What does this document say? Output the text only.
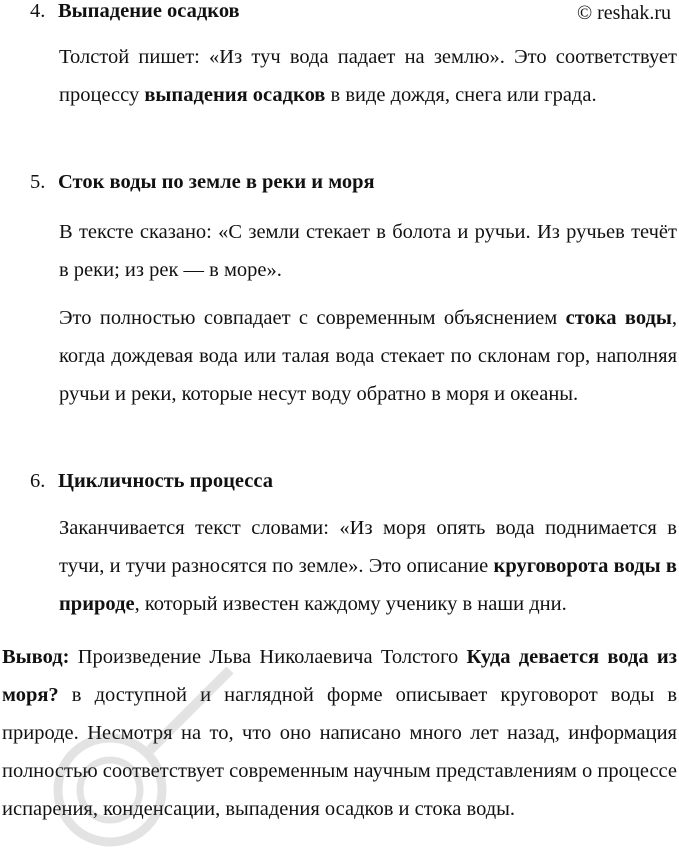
© reshak.ru
4. Выпадение осадков
Толстой пишет: «Из туч вода падает на землю». Это соответствует процессу выпадения осадков в виде дождя, снега или града.
5. Сток воды по земле в реки и моря
В тексте сказано: «С земли стекает в болота и ручьи. Из ручьев течёт в реки; из рек — в море».
Это полностью совпадает с современным объяснением стока воды, когда дождевая вода или талая вода стекает по склонам гор, наполняя ручьи и реки, которые несут воду обратно в моря и океаны.
6. Цикличность процесса
Заканчивается текст словами: «Из моря опять вода поднимается в тучи, и тучи разносятся по земле». Это описание круговорота воды в природе, который известен каждому ученику в наши дни.
Вывод: Произведение Льва Николаевича Толстого Куда девается вода из моря? в доступной и наглядной форме описывает круговорот воды в природе. Несмотря на то, что оно написано много лет назад, информация полностью соответствует современным научным представлениям о процессе испарения, конденсации, выпадения осадков и стока воды.
